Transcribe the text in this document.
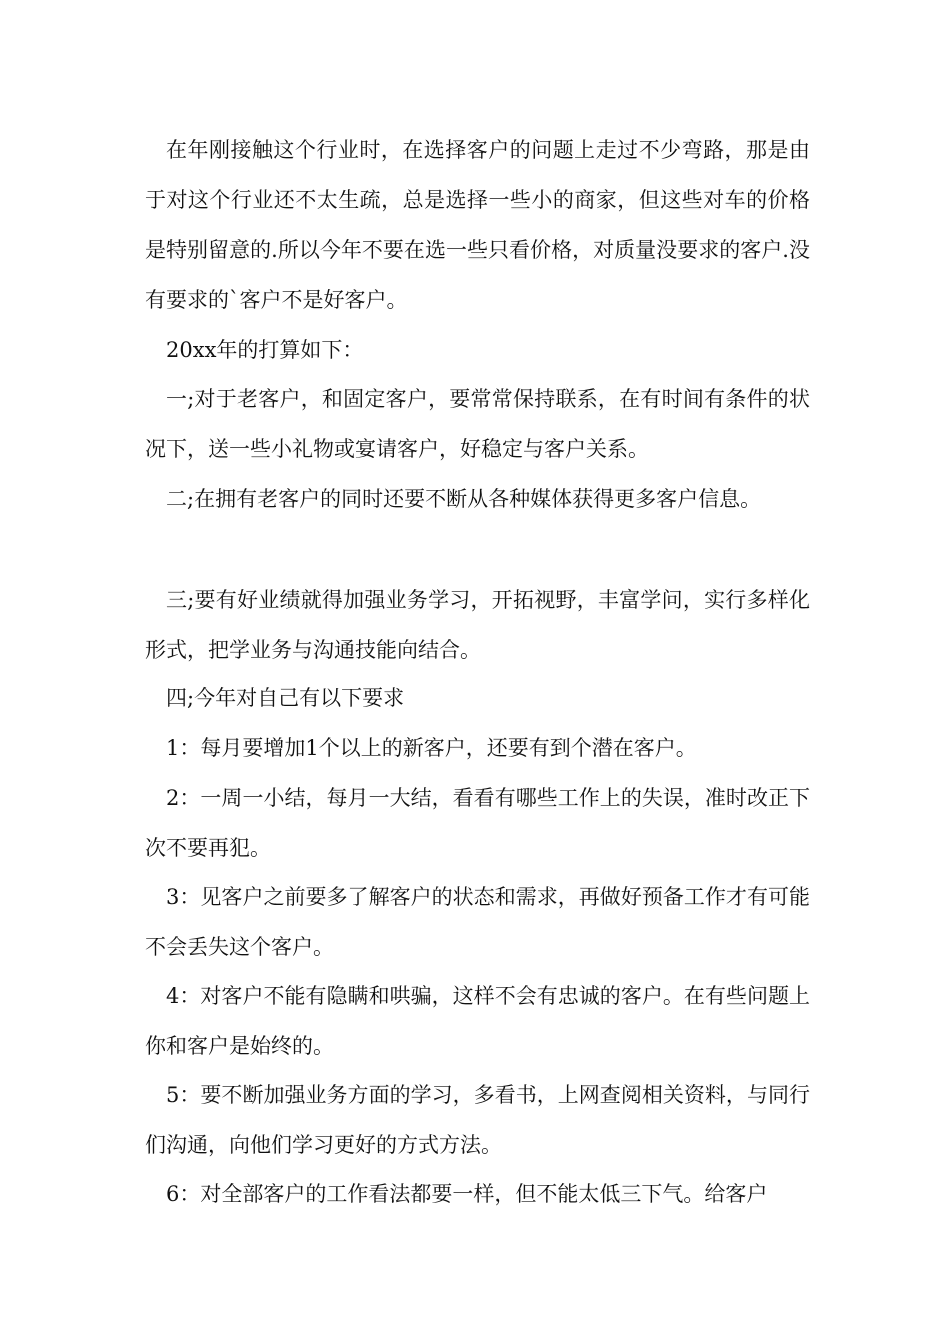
在年刚接触这个行业时，在选择客户的问题上走过不少弯路，那是由于对这个行业还不太生疏，总是选择一些小的商家，但这些对车的价格是特别留意的.所以今年不要在选一些只看价格，对质量没要求的客户.没有要求的`客户不是好客户。

20xx年的打算如下：

一;对于老客户，和固定客户，要常常保持联系，在有时间有条件的状况下，送一些小礼物或宴请客户，好稳定与客户关系。

二;在拥有老客户的同时还要不断从各种媒体获得更多客户信息。

三;要有好业绩就得加强业务学习，开拓视野，丰富学问，实行多样化形式，把学业务与沟通技能向结合。

四;今年对自己有以下要求

1：每月要增加1个以上的新客户，还要有到个潜在客户。

2：一周一小结，每月一大结，看看有哪些工作上的失误，准时改正下次不要再犯。

3：见客户之前要多了解客户的状态和需求，再做好预备工作才有可能不会丢失这个客户。

4：对客户不能有隐瞒和哄骗，这样不会有忠诚的客户。在有些问题上你和客户是始终的。

5：要不断加强业务方面的学习，多看书，上网查阅相关资料，与同行们沟通，向他们学习更好的方式方法。

6：对全部客户的工作看法都要一样，但不能太低三下气。给客户
